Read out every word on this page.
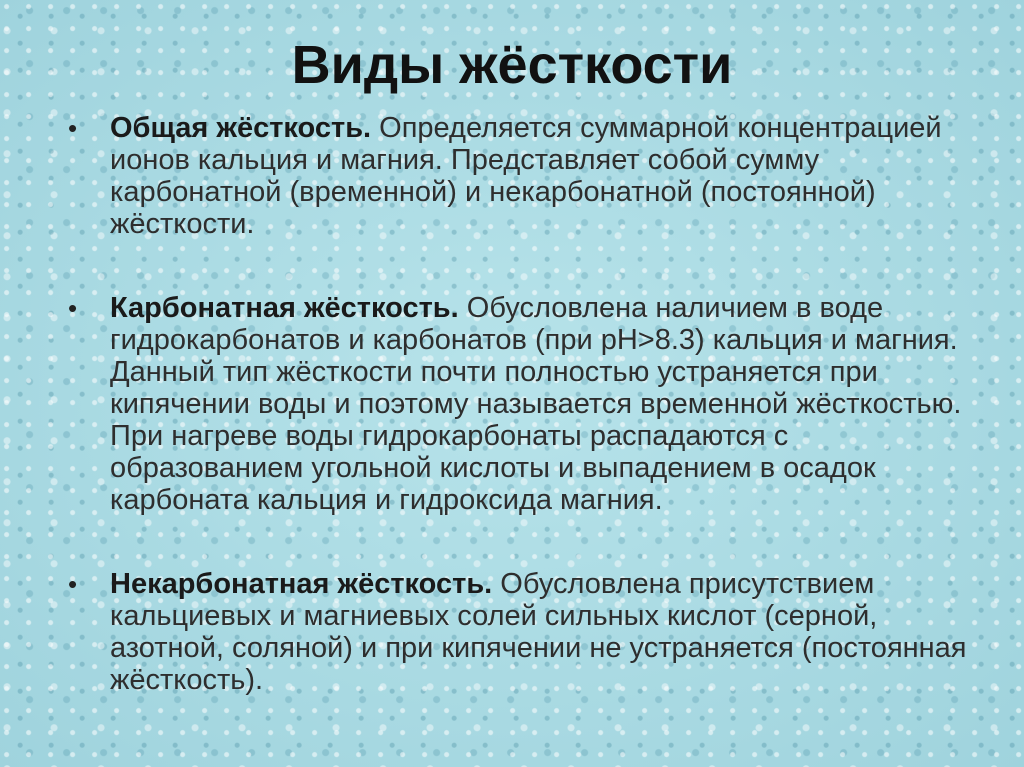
Виды жёсткости
• Общая жёсткость. Определяется суммарной концентрацией ионов кальция и магния. Представляет собой сумму карбонатной (временной) и некарбонатной (постоянной) жёсткости.
• Карбонатная жёсткость. Обусловлена наличием в воде гидрокарбонатов и карбонатов (при pH>8.3) кальция и магния. Данный тип жёсткости почти полностью устраняется при кипячении воды и поэтому называется временной жёсткостью. При нагреве воды гидрокарбонаты распадаются с образованием угольной кислоты и выпадением в осадок карбоната кальция и гидроксида магния.
• Некарбонатная жёсткость. Обусловлена присутствием кальциевых и магниевых солей сильных кислот (серной, азотной, соляной) и при кипячении не устраняется (постоянная жёсткость).
